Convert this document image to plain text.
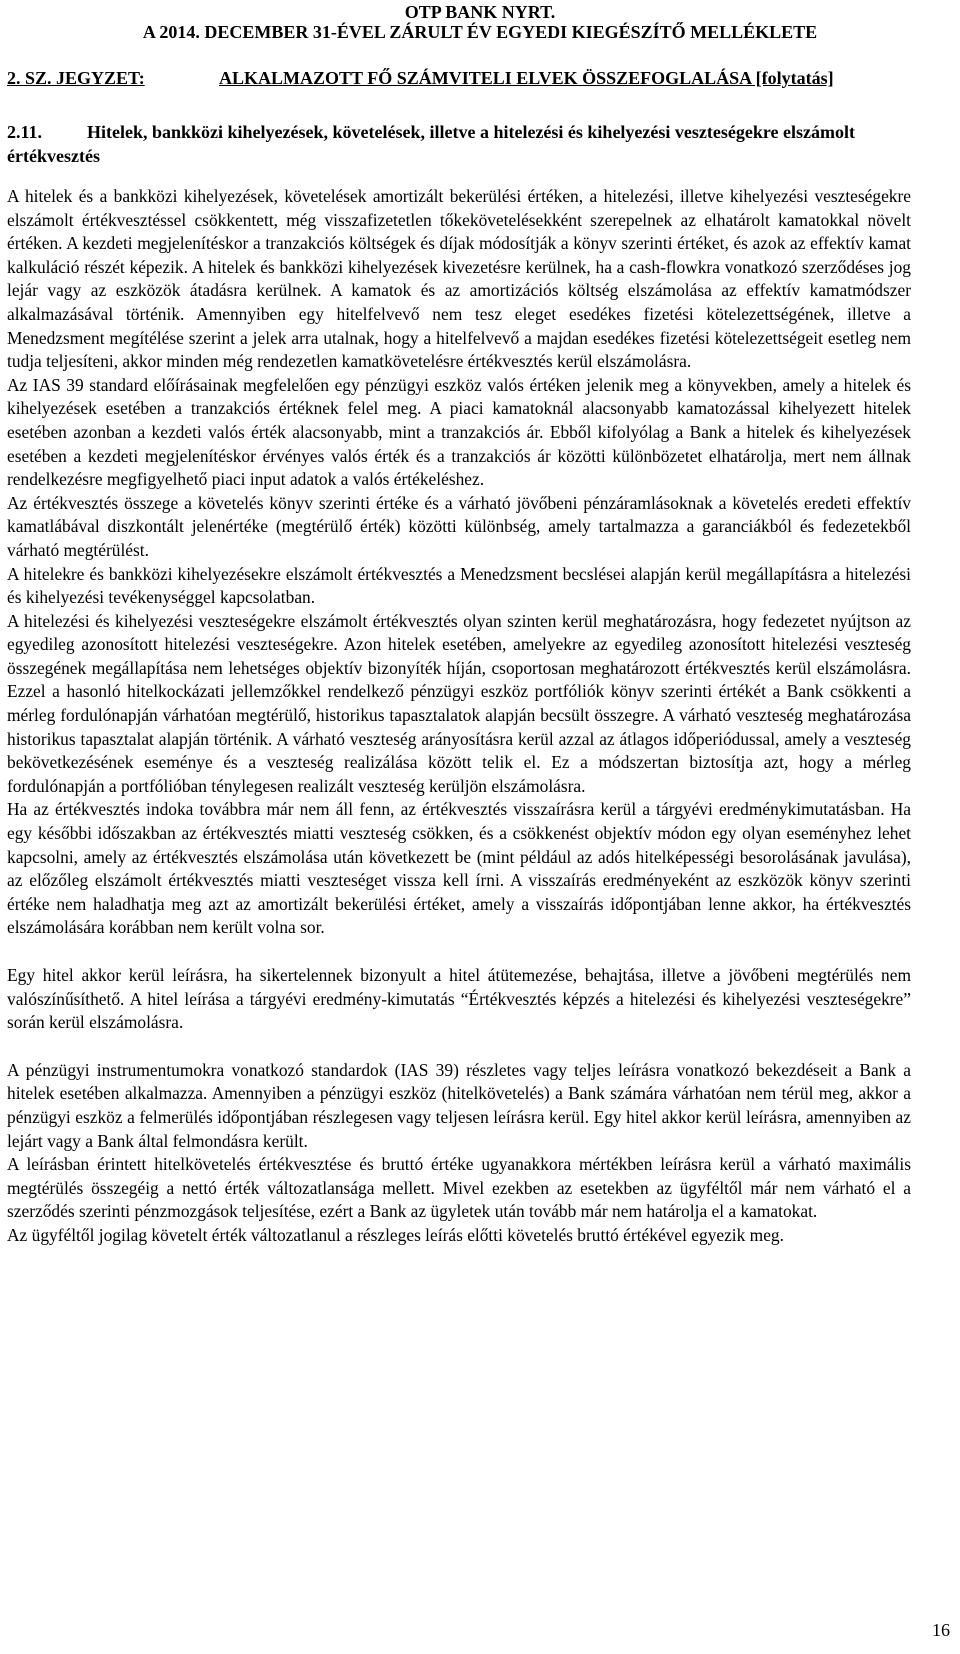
OTP BANK NYRT.
A 2014. DECEMBER 31-ÉVEL ZÁRULT ÉV EGYEDI KIEGÉSZÍTŐ MELLÉKLETE
2. SZ. JEGYZET:	ALKALMAZOTT FŐ SZÁMVITELI ELVEK ÖSSZEFOGLALÁSA [folytatás]
2.11. Hitelek, bankközi kihelyezések, követelések, illetve a hitelezési és kihelyezési veszteségekre elszámolt értékvesztés

A hitelek és a bankközi kihelyezések, követelések amortizált bekerülési értéken, a hitelezési, illetve kihelyezési veszteségekre elszámolt értékvesztéssel csökkentett, még visszafizetetlen tőkekövetelésekként szerepelnek az elhatárolt kamatokkal növelt értéken. A kezdeti megjelenítéskor a tranzakciós költségek és díjak módosítják a könyv szerinti értéket, és azok az effektív kamat kalkuláció részét képezik. A hitelek és bankközi kihelyezések kivezetésre kerülnek, ha a cash-flowkra vonatkozó szerződéses jog lejár vagy az eszközök átadásra kerülnek. A kamatok és az amortizációs költség elszámolása az effektív kamatmódszer alkalmazásával történik. Amennyiben egy hitelfelvevő nem tesz eleget esedékes fizetési kötelezettségének, illetve a Menedzsment megítélése szerint a jelek arra utalnak, hogy a hitelfelvevő a majdan esedékes fizetési kötelezettségeit esetleg nem tudja teljesíteni, akkor minden még rendezetlen kamatkövetelésre értékvesztés kerül elszámolásra.

Az IAS 39 standard előírásainak megfelelően egy pénzügyi eszköz valós értéken jelenik meg a könyvekben, amely a hitelek és kihelyezések esetében a tranzakciós értéknek felel meg. A piaci kamatoknál alacsonyabb kamatozással kihelyezett hitelek esetében azonban a kezdeti valós érték alacsonyabb, mint a tranzakciós ár. Ebből kifolyólag a Bank a hitelek és kihelyezések esetében a kezdeti megjelenítéskor érvényes valós érték és a tranzakciós ár közötti különbözetet elhatárolja, mert nem állnak rendelkezésre megfigyelhető piaci input adatok a valós értékeléshez.

Az értékvesztés összege a követelés könyv szerinti értéke és a várható jövőbeni pénzáramlásoknak a követelés eredeti effektív kamatlábával diszkontált jelenértéke (megtérülő érték) közötti különbség, amely tartalmazza a garanciákból és fedezetekből várható megtérülést.

A hitelekre és bankközi kihelyezésekre elszámolt értékvesztés a Menedzsment becslései alapján kerül megállapításra a hitelezési és kihelyezési tevékenységgel kapcsolatban.

A hitelezési és kihelyezési veszteségekre elszámolt értékvesztés olyan szinten kerül meghatározásra, hogy fedezetet nyújtson az egyedileg azonosított hitelezési veszteségekre. Azon hitelek esetében, amelyekre az egyedileg azonosított hitelezési veszteség összegének megállapítása nem lehetséges objektív bizonyíték híján, csoportosan meghatározott értékvesztés kerül elszámolásra. Ezzel a hasonló hitelkockázati jellemzőkkel rendelkező pénzügyi eszköz portfóliók könyv szerinti értékét a Bank csökkenti a mérleg fordulónapján várhatóan megtérülő, historikus tapasztalatok alapján becsült összegre. A várható veszteség meghatározása historikus tapasztalat alapján történik. A várható veszteség arányosításra kerül azzal az átlagos időperiódussal, amely a veszteség bekövetkezésének eseménye és a veszteség realizálása között telik el. Ez a módszertan biztosítja azt, hogy a mérleg fordulónapján a portfólióban ténylegesen realizált veszteség kerüljön elszámolásra.

Ha az értékvesztés indoka továbbra már nem áll fenn, az értékvesztés visszaírásra kerül a tárgyévi eredménykimutatásban. Ha egy későbbi időszakban az értékvesztés miatti veszteség csökken, és a csökkenést objektív módon egy olyan eseményhez lehet kapcsolni, amely az értékvesztés elszámolása után következett be (mint például az adós hitelképességi besorolásának javulása), az előzőleg elszámolt értékvesztés miatti veszteséget vissza kell írni. A visszaírás eredményeként az eszközök könyv szerinti értéke nem haladhatja meg azt az amortizált bekerülési értéket, amely a visszaírás időpontjában lenne akkor, ha értékvesztés elszámolására korábban nem került volna sor.

Egy hitel akkor kerül leírásra, ha sikertelennek bizonyult a hitel átütemezése, behajtása, illetve a jövőbeni megtérülés nem valószínűsíthető. A hitel leírása a tárgyévi eredmény-kimutatás “Értékvesztés képzés a hitelezési és kihelyezési veszteségekre” során kerül elszámolásra.

A pénzügyi instrumentumokra vonatkozó standardok (IAS 39) részletes vagy teljes leírásra vonatkozó bekezdéseit a Bank a hitelek esetében alkalmazza. Amennyiben a pénzügyi eszköz (hitelkövetelés) a Bank számára várhatóan nem térül meg, akkor a pénzügyi eszköz a felmerülés időpontjában részlegesen vagy teljesen leírásra kerül. Egy hitel akkor kerül leírásra, amennyiben az lejárt vagy a Bank által felmondásra került.

A leírásban érintett hitelkövetelés értékvesztése és bruttó értéke ugyanakkora mértékben leírásra kerül a várható maximális megtérülés összegéig a nettó érték változatlansága mellett. Mivel ezekben az esetekben az ügyféltől már nem várható el a szerződés szerinti pénzmozgások teljesítése, ezért a Bank az ügyletek után tovább már nem határolja el a kamatokat.

Az ügyféltől jogilag követelt érték változatlanul a részleges leírás előtti követelés bruttó értékével egyezik meg.

16
